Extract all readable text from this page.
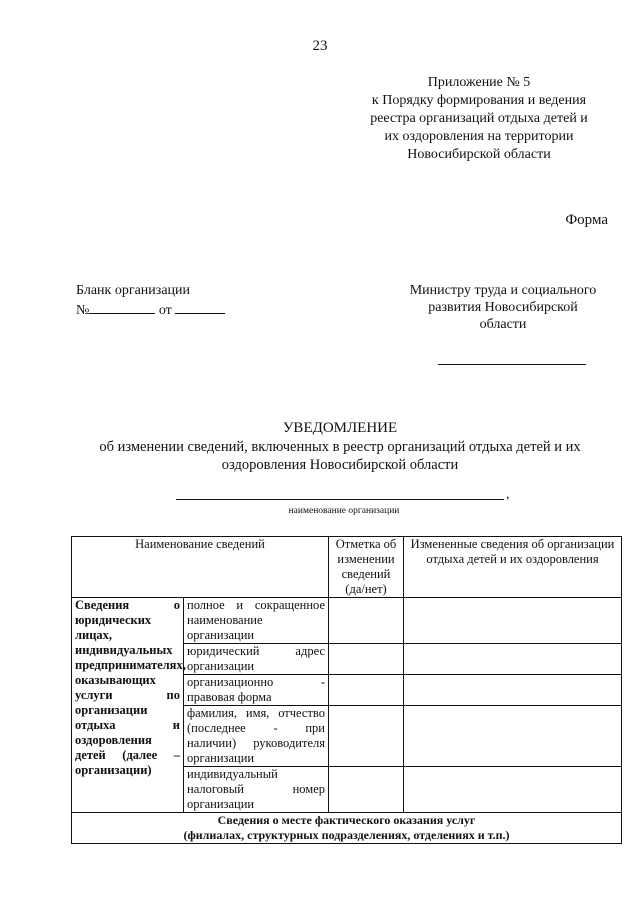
23
Приложение № 5
к Порядку формирования и ведения
реестра организаций отдыха детей и
их оздоровления на территории
Новосибирской области
Форма
Бланк организации
№	от
Министру труда и социального
развития Новосибирской
области
УВЕДОМЛЕНИЕ
об изменении сведений, включенных в реестр организаций отдыха детей и их
оздоровления Новосибирской области
,
наименование организации
Наименование сведений		Отметка об изменении сведений (да/нет)	Измененные сведения об организации отдыха детей и их оздоровления
Сведения о юридических лицах, индивидуальных предпринимателях, оказывающих услуги по организации отдыха и оздоровления детей (далее – организации)	полное и сокращенное наименование организации		
	юридический адрес организации		
	организационно - правовая форма		
	фамилия, имя, отчество (последнее - при наличии) руководителя организации		
	индивидуальный налоговый номер организации		

Сведения о месте фактического оказания услуг
(филиалах, структурных подразделениях, отделениях и т.п.)			
